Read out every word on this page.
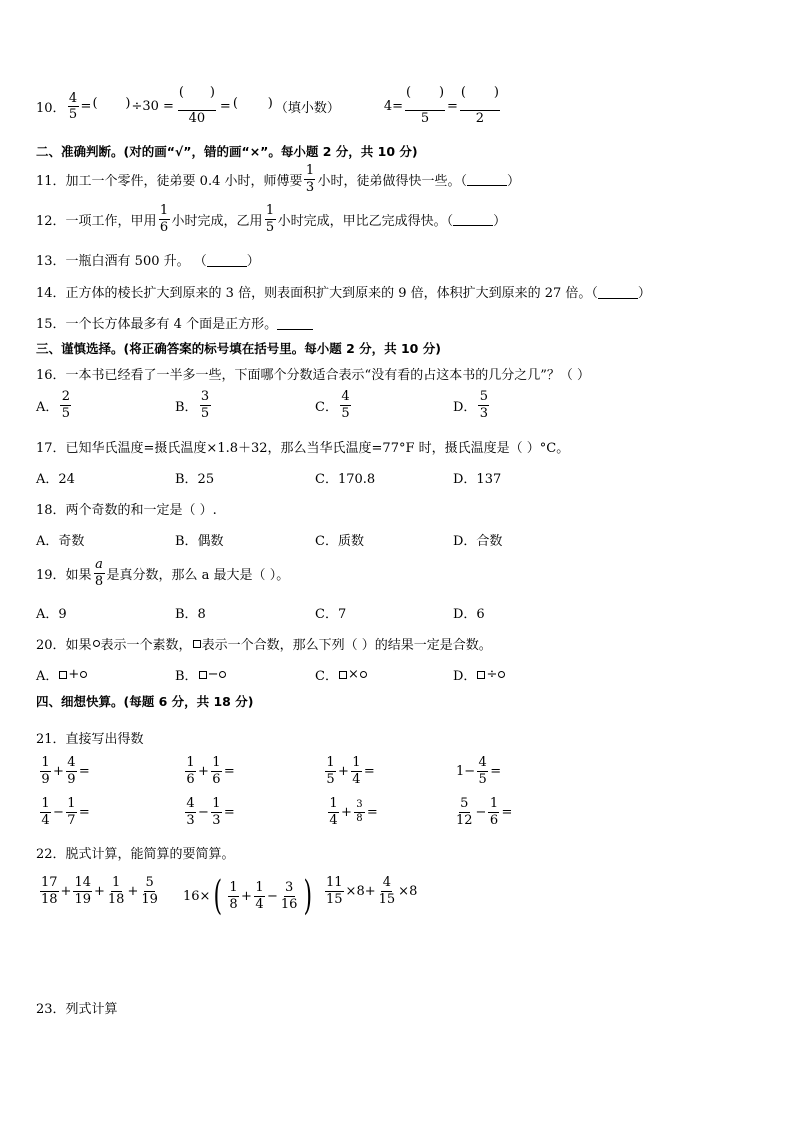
10． $\frac{4}{5}$ = ( )	÷30 =
( )
40
= ( )	（填小数）	4=
( )
5
=
( )
2
二、准确判断。(对的画“√”，错的画“×”。每小题 2 分，共 10 分)
11．加工一个零件，徒弟要 0.4 小时，师傅要 $\frac{1}{3}$ 小时，徒弟做得快一些。（	）
12．一项工作，甲用 $\frac{1}{6}$ 小时完成，乙用 $\frac{1}{5}$ 小时完成，甲比乙完成得快。（	）
13．一瓶白酒有 500 升。 （	）
14．正方体的棱长扩大到原来的 3 倍，则表面积扩大到原来的 9 倍，体积扩大到原来的 27 倍。（	）
15．一个长方体最多有 4 个面是正方形。
三、谨慎选择。(将正确答案的标号填在括号里。每小题 2 分，共 10 分)
16．一本书已经看了一半多一些，下面哪个分数适合表示“没有看的占这本书的几分之几”？（ ）
A． $\frac{2}{5}$	B． $\frac{3}{5}$	C． $\frac{4}{5}$	D． $\frac{5}{3}$
17．已知华氏温度=摄氏温度×1.8＋32，那么当华氏温度=77°F 时，摄氏温度是（ ）°C。
A．24	B．25	C．170.8	D．137
18．两个奇数的和一定是（ ）.
A．奇数	B．偶数	C．质数	D．合数
19．如果 $\frac{a}{8}$ 是真分数，那么 a 最大是（ ）。
A．9	B．8	C．7	D．6
20．如果 表示一个素数， 表示一个合数，那么下列（ ）的结果一定是合数。
A． +	B． −	C． ×	D． ÷
四、细想快算。(每题 6 分，共 18 分)
21．直接写出得数
$\frac{1}{9} + \frac{4}{9}$ =	$\frac{1}{6} + \frac{1}{6}$ =	$\frac{1}{5} + \frac{1}{4}$ =	$1 - \frac{4}{5}$ =
$\frac{1}{4} - \frac{1}{7}$ =	$\frac{4}{3} - \frac{1}{3}$ =	$\frac{1}{4} + \frac{3}{8}$ =	$\frac{5}{12} - \frac{1}{6}$ =
22．脱式计算，能简算的要简算。
$\frac{17}{18} + \frac{14}{19} + \frac{1}{18} + \frac{5}{19} 16\times$ ( $\frac{1}{8} + \frac{1}{4} - \frac{3}{16}$ ) $\frac{11}{15} \times 8 + \frac{4}{15} \times 8$
23．列式计算
